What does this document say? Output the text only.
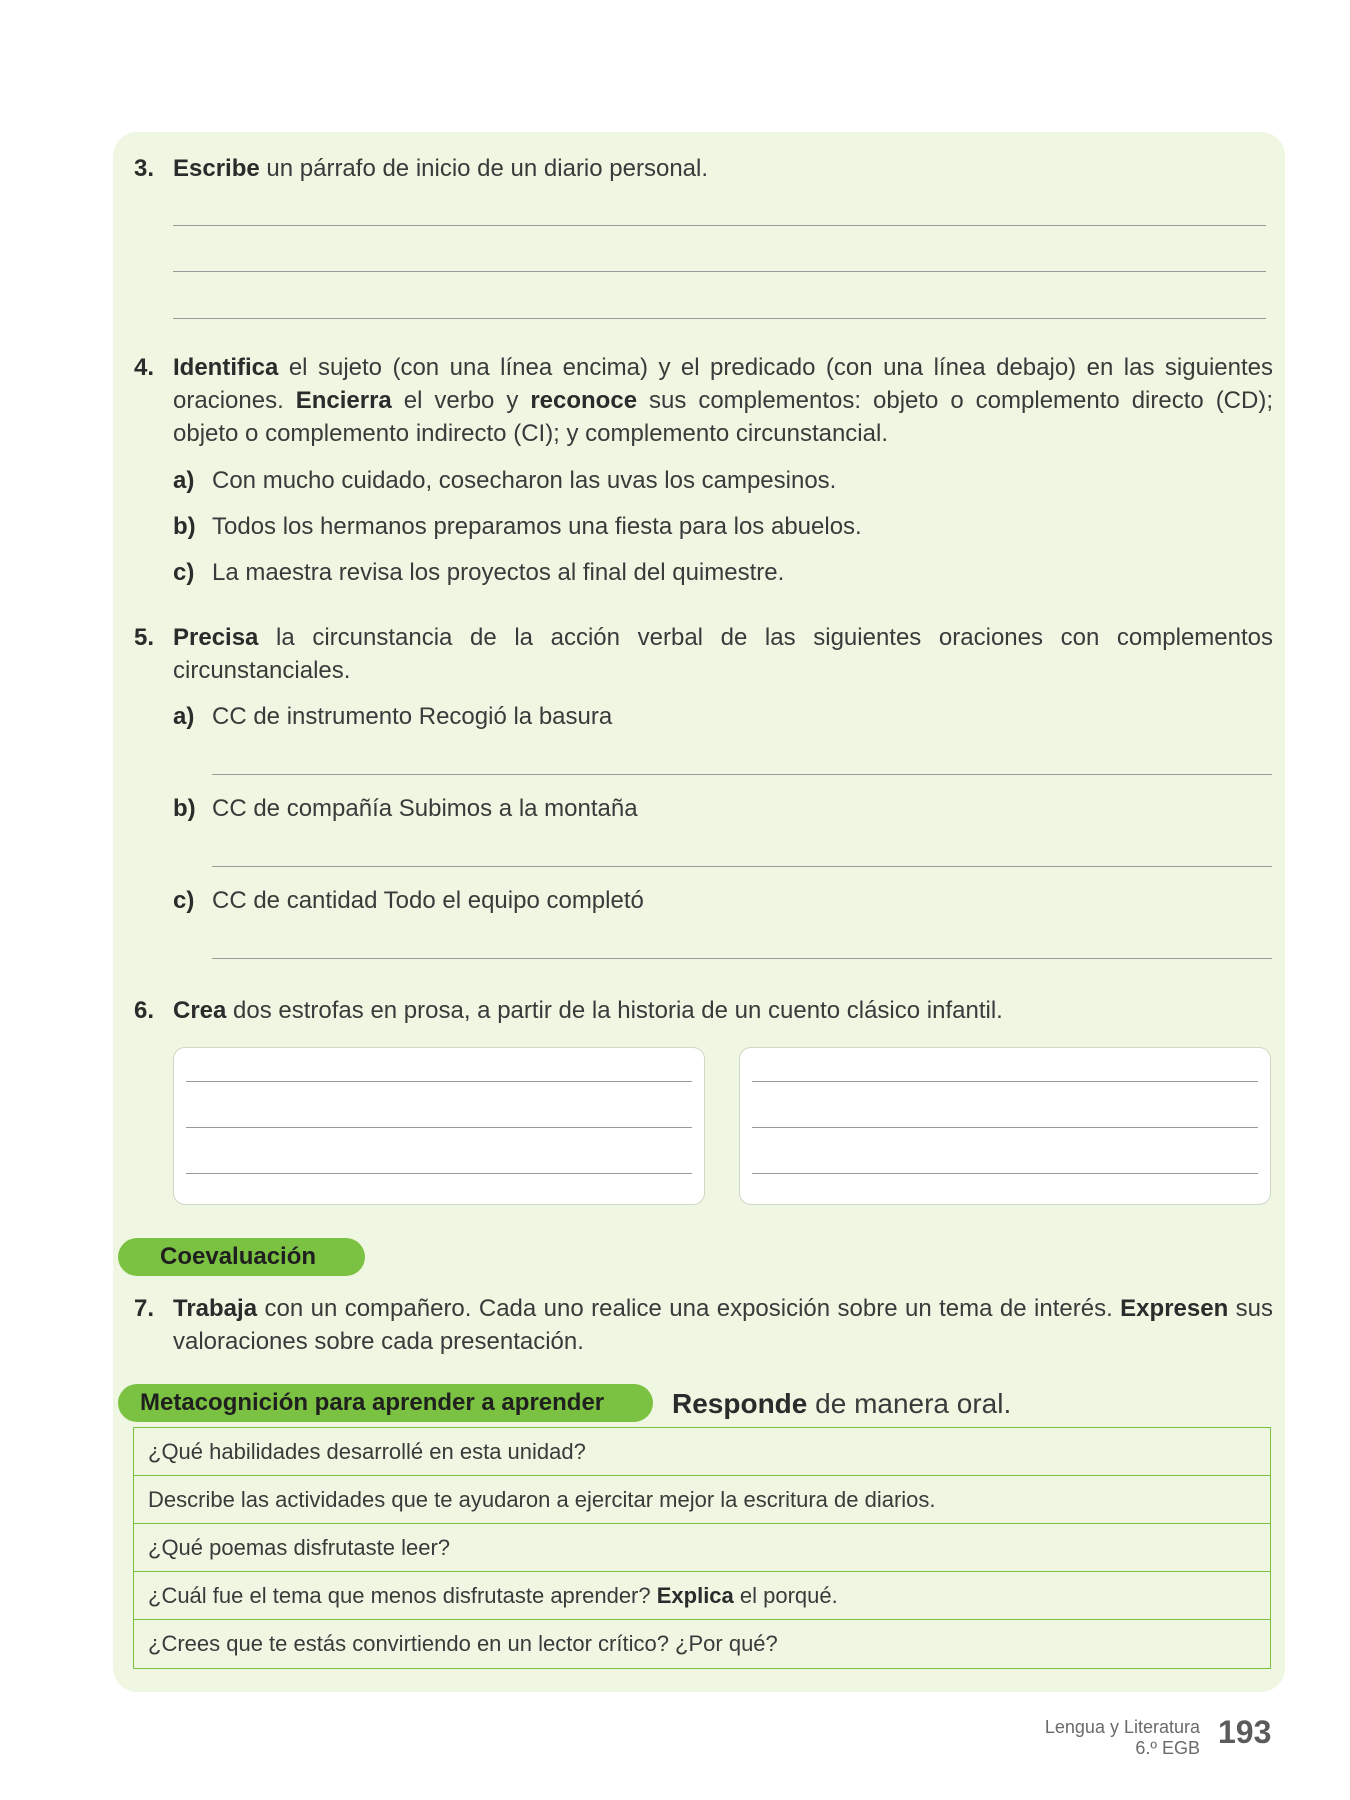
3. Escribe un párrafo de inicio de un diario personal.
4. Identifica el sujeto (con una línea encima) y el predicado (con una línea debajo) en las siguientes oraciones. Encierra el verbo y reconoce sus complementos: objeto o complemento directo (CD); objeto o complemento indirecto (CI); y complemento circunstancial.
a) Con mucho cuidado, cosecharon las uvas los campesinos.
b) Todos los hermanos preparamos una fiesta para los abuelos.
c) La maestra revisa los proyectos al final del quimestre.
5. Precisa la circunstancia de la acción verbal de las siguientes oraciones con complementos circunstanciales.
a) CC de instrumento Recogió la basura
b) CC de compañía Subimos a la montaña
c) CC de cantidad Todo el equipo completó
6. Crea dos estrofas en prosa, a partir de la historia de un cuento clásico infantil.
Coevaluación
7. Trabaja con un compañero. Cada uno realice una exposición sobre un tema de interés. Expresen sus valoraciones sobre cada presentación.
Metacognición para aprender a aprender	Responde de manera oral.
¿Qué habilidades desarrollé en esta unidad?
Describe las actividades que te ayudaron a ejercitar mejor la escritura de diarios.
¿Qué poemas disfrutaste leer?
¿Cuál fue el tema que menos disfrutaste aprender? Explica el porqué.
¿Crees que te estás convirtiendo en un lector crítico? ¿Por qué?
Lengua y Literatura
6.º EGB 193
